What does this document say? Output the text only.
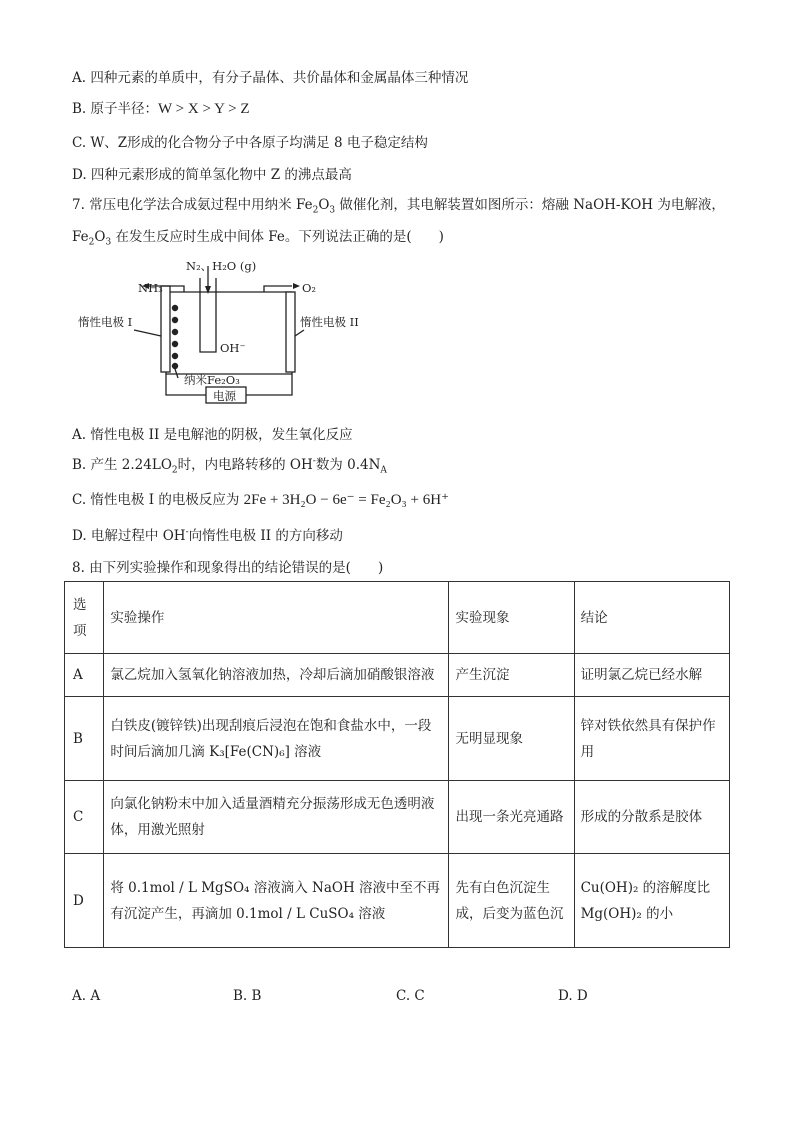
A. 四种元素的单质中，有分子晶体、共价晶体和金属晶体三种情况
B. 原子半径：W > X > Y > Z
C. W、Z形成的化合物分子中各原子均满足 8 电子稳定结构
D. 四种元素形成的简单氢化物中 Z 的沸点最高
7. 常压电化学法合成氨过程中用纳米 $Fe_2O_3$ 做催化剂，其电解装置如图所示：熔融 NaOH-KOH 为电解液，
$Fe_2O_3$ 在发生反应时生成中间体 Fe。下列说法正确的是(　　)
N₂、H₂O (g)
NH₃	O₂
惰性电极 I	惰性电极 II
OH⁻
纳米Fe₂O₃
电源
A. 惰性电极 II 是电解池的阴极，发生氧化反应
B. 产生 $2.24LO_2$时，内电路转移的 OH-数为 $0.4N_A$
C. 惰性电极 I 的电极反应为 2Fe + 3H₂O − 6e⁻ = Fe₂O₃ + 6H⁺
D. 电解过程中 OH-向惰性电极 II 的方向移动
8. 由下列实验操作和现象得出的结论错误的是(　　)
选项	实验操作	实验现象	结论
A	氯乙烷加入氢氧化钠溶液加热，冷却后滴加硝酸银溶液	产生沉淀	证明氯乙烷已经水解
B	白铁皮(镀锌铁)出现刮痕后浸泡在饱和食盐水中，一段时间后滴加几滴 K₃[Fe(CN)₆] 溶液	无明显现象	锌对铁依然具有保护作用
C	向氯化钠粉末中加入适量酒精充分振荡形成无色透明液体，用激光照射	出现一条光亮通路	形成的分散系是胶体
D	将 0.1mol / L MgSO₄ 溶液滴入 NaOH 溶液中至不再有沉淀产生，再滴加 0.1mol / L CuSO₄ 溶液	先有白色沉淀生成，后变为蓝色沉	Cu(OH)₂ 的溶解度比 Mg(OH)₂ 的小
A. A	B. B	C. C	D. D
